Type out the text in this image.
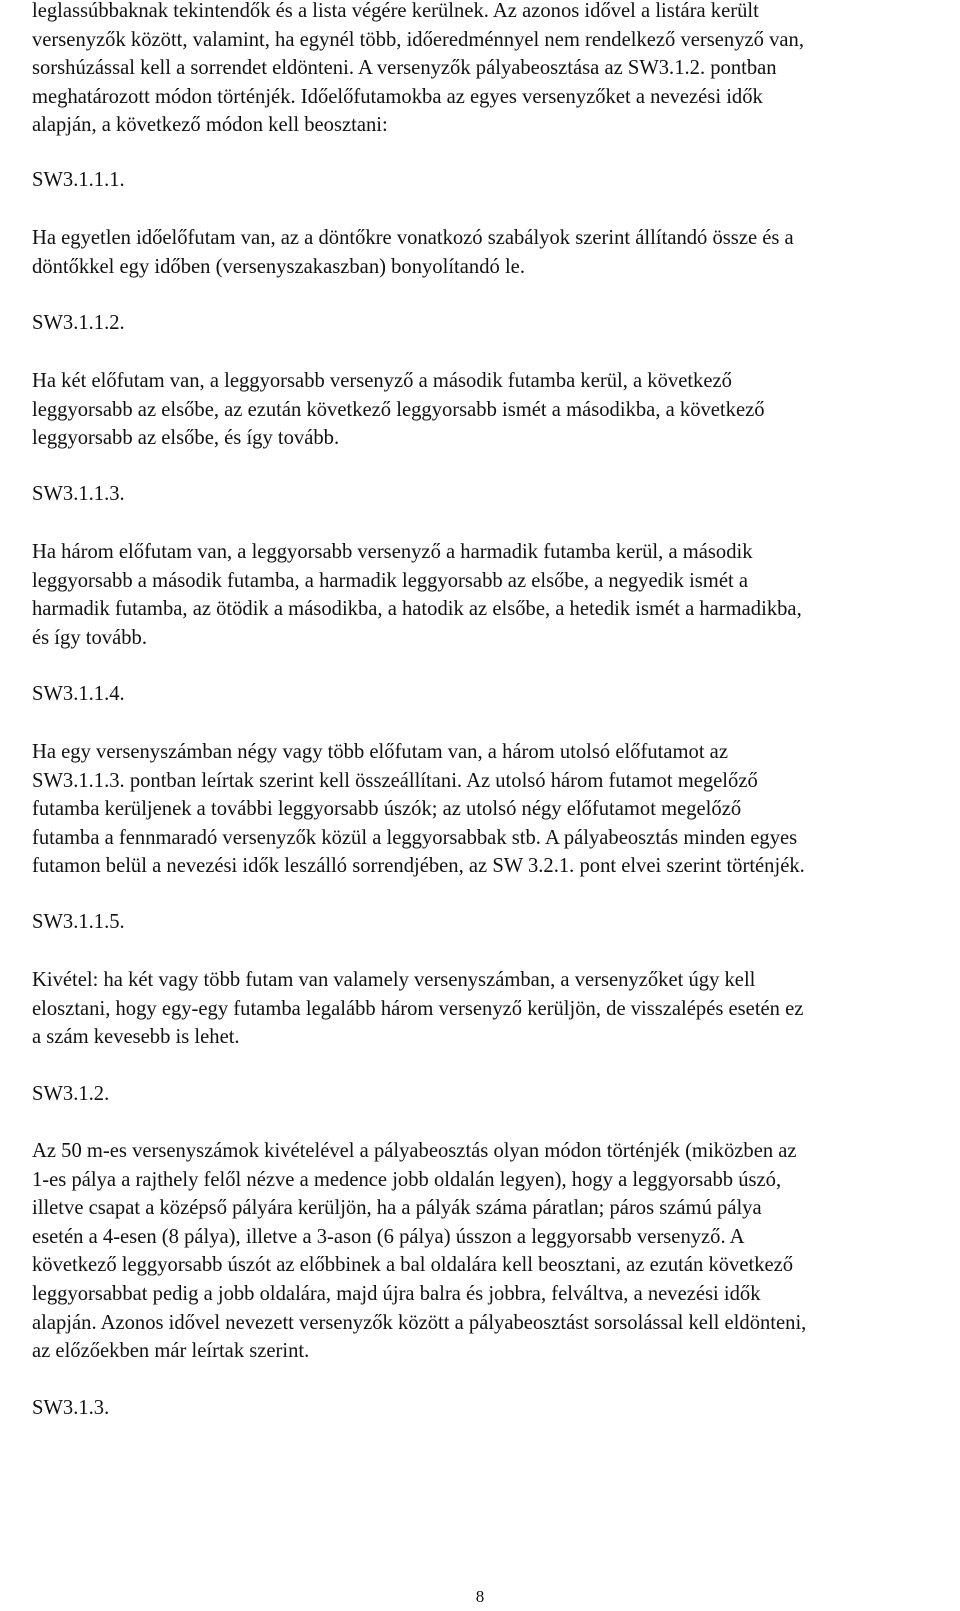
leglassúbbaknak tekintendők és a lista végére kerülnek. Az azonos idővel a listára került
versenyzők között, valamint, ha egynél több, időeredménnyel nem rendelkező versenyző van,
sorshúzással kell a sorrendet eldönteni. A versenyzők pályabeosztása az SW3.1.2. pontban
meghatározott módon történjék. Időelőfutamokba az egyes versenyzőket a nevezési idők
alapján, a következő módon kell beosztani:

SW3.1.1.1.

Ha egyetlen időelőfutam van, az a döntőkre vonatkozó szabályok szerint állítandó össze és a
döntőkkel egy időben (versenyszakaszban) bonyolítandó le.

SW3.1.1.2.

Ha két előfutam van, a leggyorsabb versenyző a második futamba kerül, a következő
leggyorsabb az elsőbe, az ezután következő leggyorsabb ismét a másodikba, a következő
leggyorsabb az elsőbe, és így tovább.

SW3.1.1.3.

Ha három előfutam van, a leggyorsabb versenyző a harmadik futamba kerül, a második
leggyorsabb a második futamba, a harmadik leggyorsabb az elsőbe, a negyedik ismét a
harmadik futamba, az ötödik a másodikba, a hatodik az elsőbe, a hetedik ismét a harmadikba,
és így tovább.

SW3.1.1.4.

Ha egy versenyszámban négy vagy több előfutam van, a három utolsó előfutamot az
SW3.1.1.3. pontban leírtak szerint kell összeállítani. Az utolsó három futamot megelőző
futamba kerüljenek a további leggyorsabb úszók; az utolsó négy előfutamot megelőző
futamba a fennmaradó versenyzők közül a leggyorsabbak stb. A pályabeosztás minden egyes
futamon belül a nevezési idők leszálló sorrendjében, az SW 3.2.1. pont elvei szerint történjék.

SW3.1.1.5.

Kivétel: ha két vagy több futam van valamely versenyszámban, a versenyzőket úgy kell
elosztani, hogy egy-egy futamba legalább három versenyző kerüljön, de visszalépés esetén ez
a szám kevesebb is lehet.

SW3.1.2.

Az 50 m-es versenyszámok kivételével a pályabeosztás olyan módon történjék (miközben az
1-es pálya a rajthely felől nézve a medence jobb oldalán legyen), hogy a leggyorsabb úszó,
illetve csapat a középső pályára kerüljön, ha a pályák száma páratlan; páros számú pálya
esetén a 4-esen (8 pálya), illetve a 3-ason (6 pálya) ússzon a leggyorsabb versenyző. A
következő leggyorsabb úszót az előbbinek a bal oldalára kell beosztani, az ezután következő
leggyorsabbat pedig a jobb oldalára, majd újra balra és jobbra, felváltva, a nevezési idők
alapján. Azonos idővel nevezett versenyzők között a pályabeosztást sorsolással kell eldönteni,
az előzőekben már leírtak szerint.

SW3.1.3.

8
